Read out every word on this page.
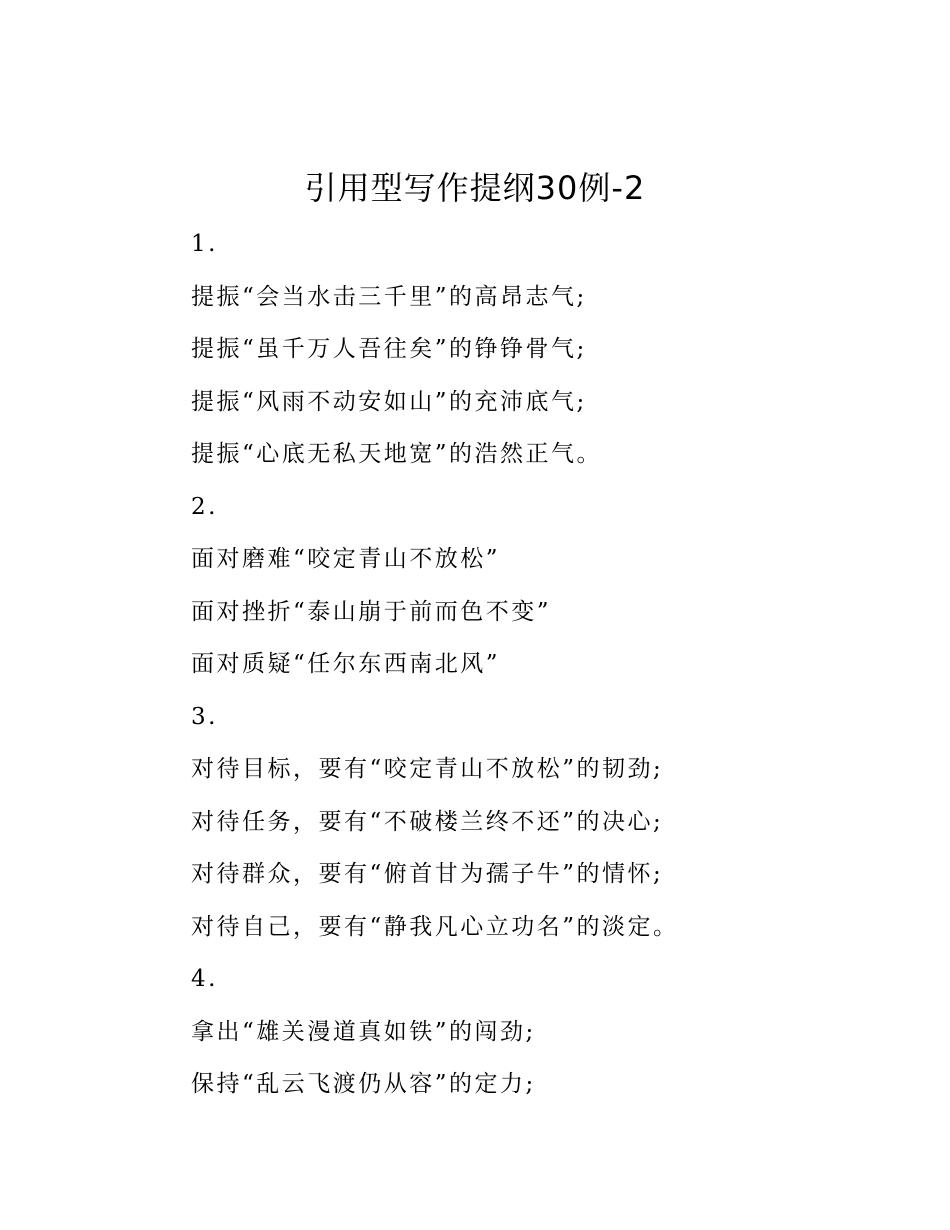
引用型写作提纲30例-2
1.
提振“会当水击三千里”的高昂志气;
提振“虽千万人吾往矣”的铮铮骨气;
提振“风雨不动安如山”的充沛底气;
提振“心底无私天地宽”的浩然正气。
2.
面对磨难“咬定青山不放松”
面对挫折“泰山崩于前而色不变”
面对质疑“任尔东西南北风”
3.
对待目标，要有“咬定青山不放松”的韧劲;
对待任务，要有“不破楼兰终不还”的决心;
对待群众，要有“俯首甘为孺子牛”的情怀;
对待自己，要有“静我凡心立功名”的淡定。
4.
拿出“雄关漫道真如铁”的闯劲;
保持“乱云飞渡仍从容”的定力;
